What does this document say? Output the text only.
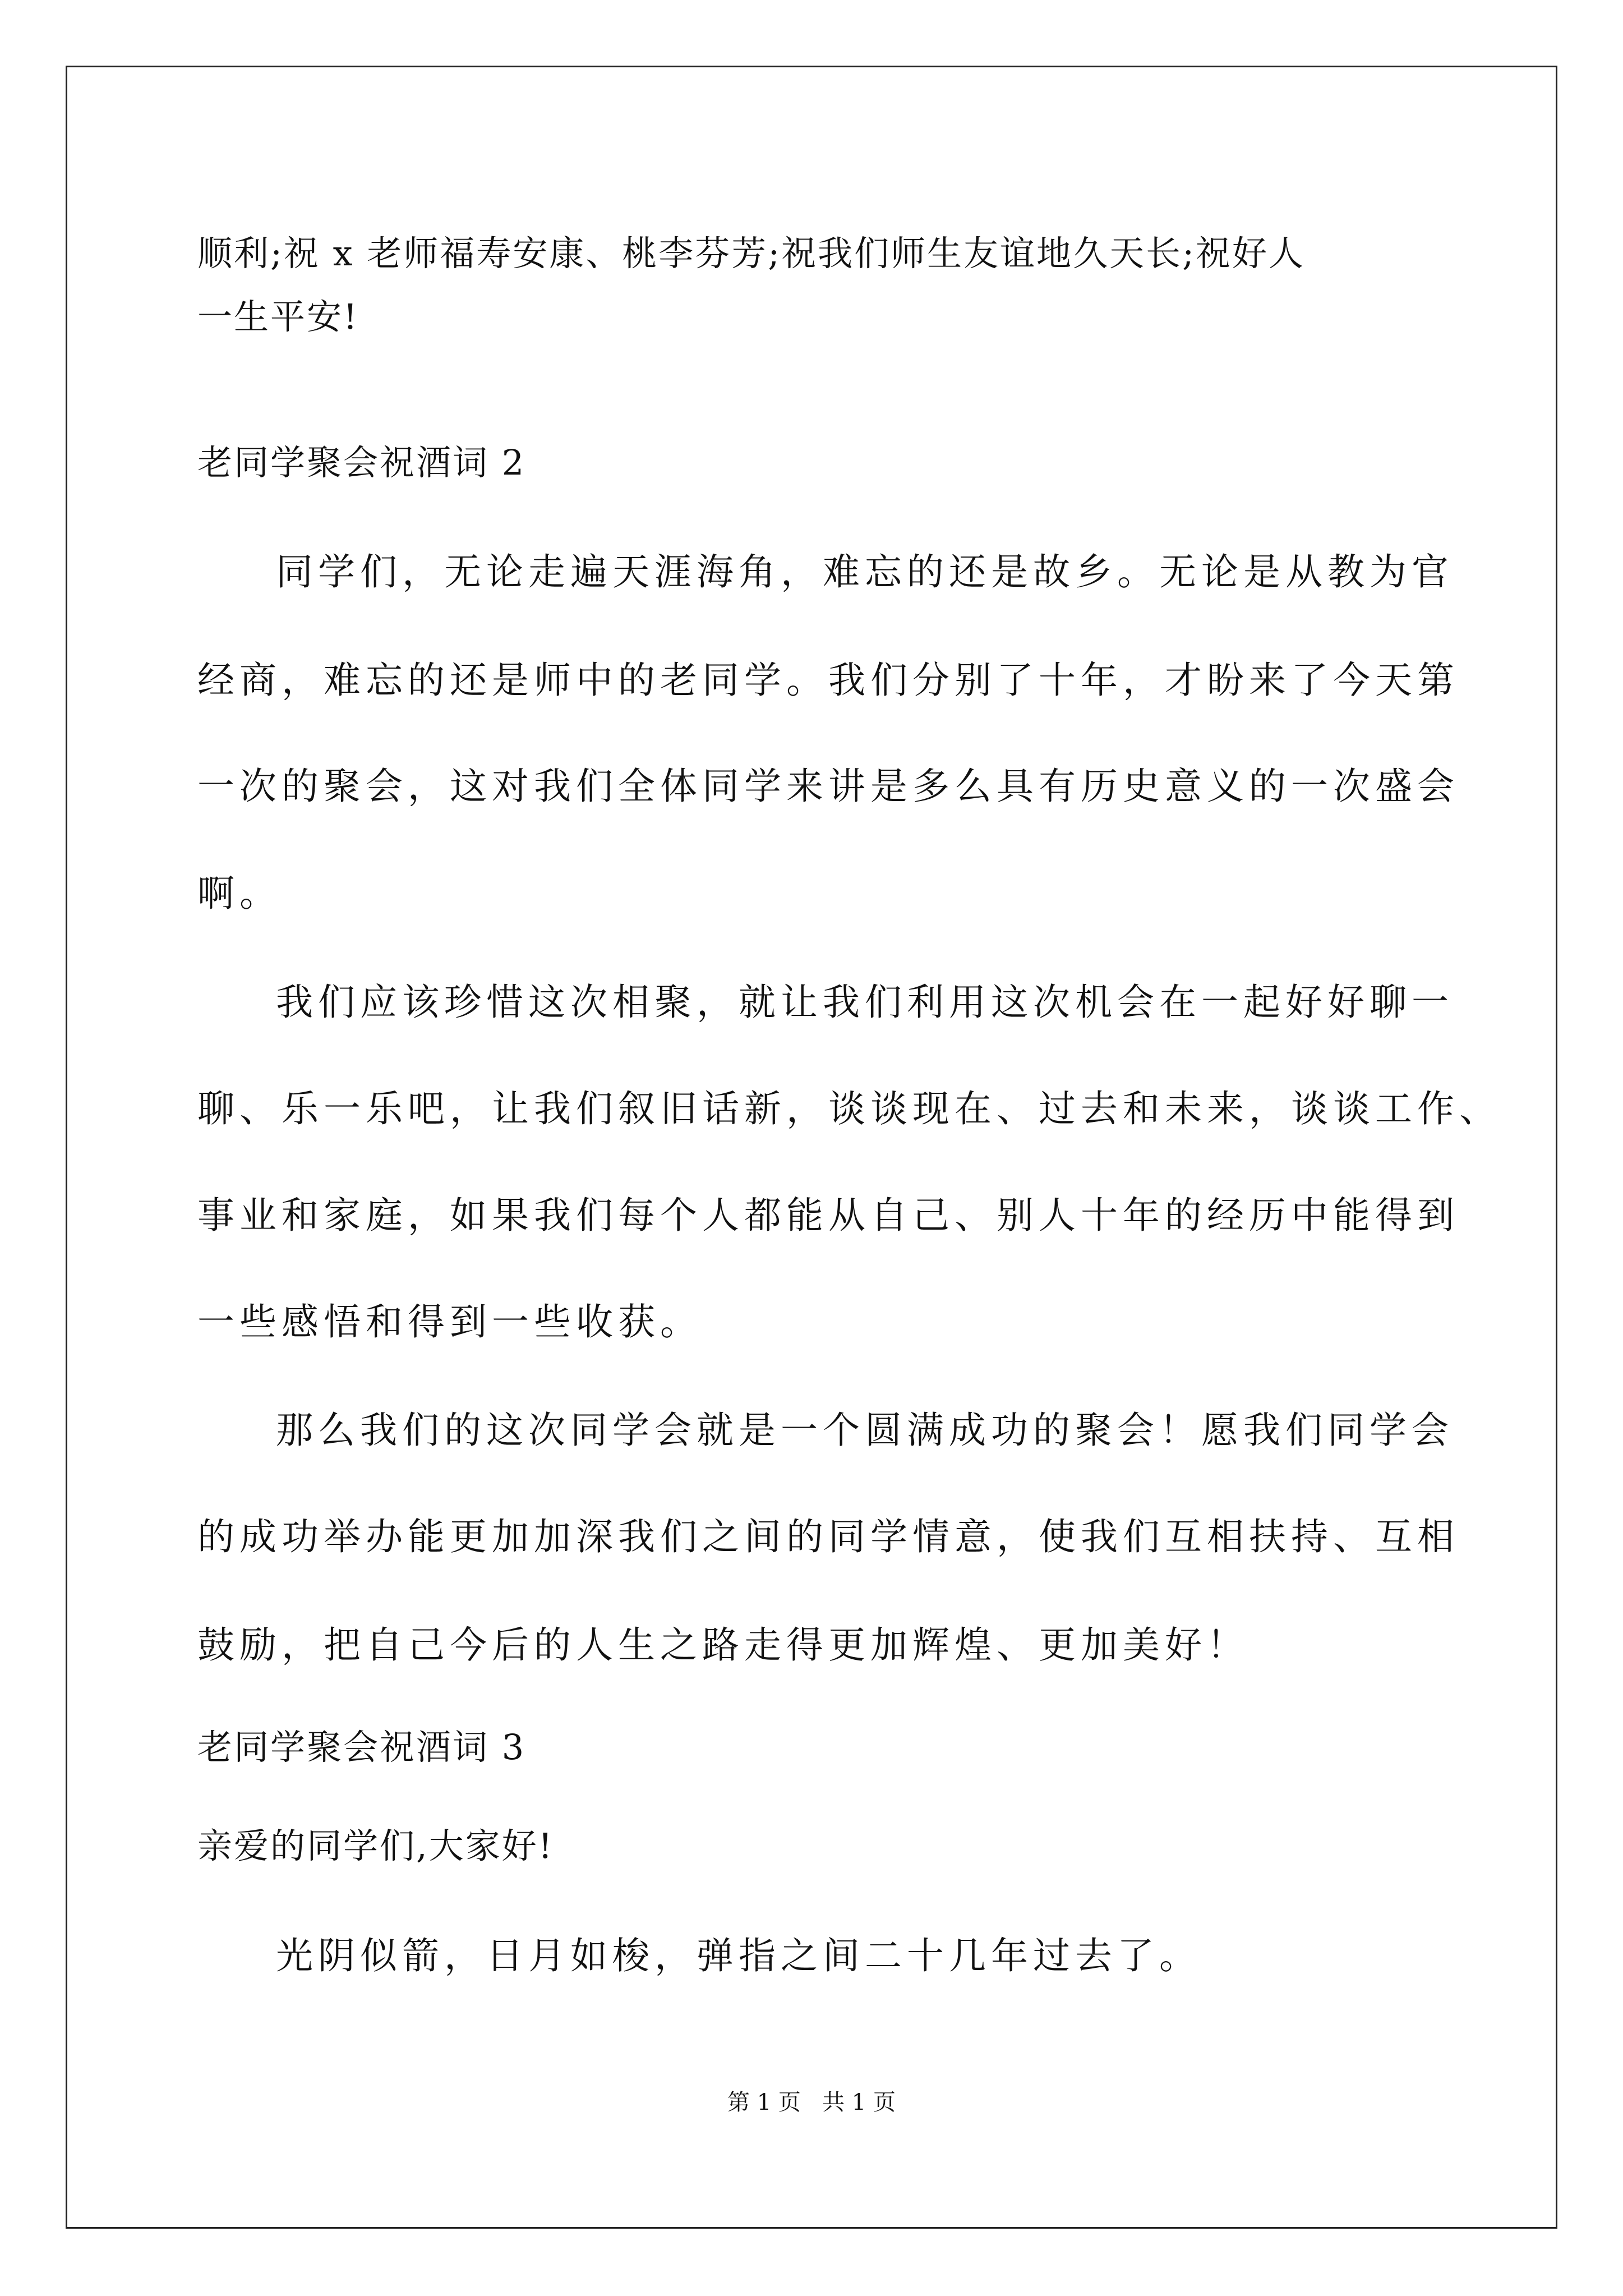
顺利;祝 x 老师福寿安康、桃李芬芳;祝我们师生友谊地久天长;祝好人
一生平安!
老同学聚会祝酒词 2
同学们，无论走遍天涯海角，难忘的还是故乡。无论是从教为官
经商，难忘的还是师中的老同学。我们分别了十年，才盼来了今天第
一次的聚会，这对我们全体同学来讲是多么具有历史意义的一次盛会
啊。
我们应该珍惜这次相聚，就让我们利用这次机会在一起好好聊一
聊、乐一乐吧，让我们叙旧话新，谈谈现在、过去和未来，谈谈工作、
事业和家庭，如果我们每个人都能从自己、别人十年的经历中能得到
一些感悟和得到一些收获。
那么我们的这次同学会就是一个圆满成功的聚会！愿我们同学会
的成功举办能更加加深我们之间的同学情意，使我们互相扶持、互相
鼓励，把自己今后的人生之路走得更加辉煌、更加美好！
老同学聚会祝酒词 3
亲爱的同学们,大家好!
光阴似箭，日月如梭，弹指之间二十几年过去了。
第 1 页   共 1 页
